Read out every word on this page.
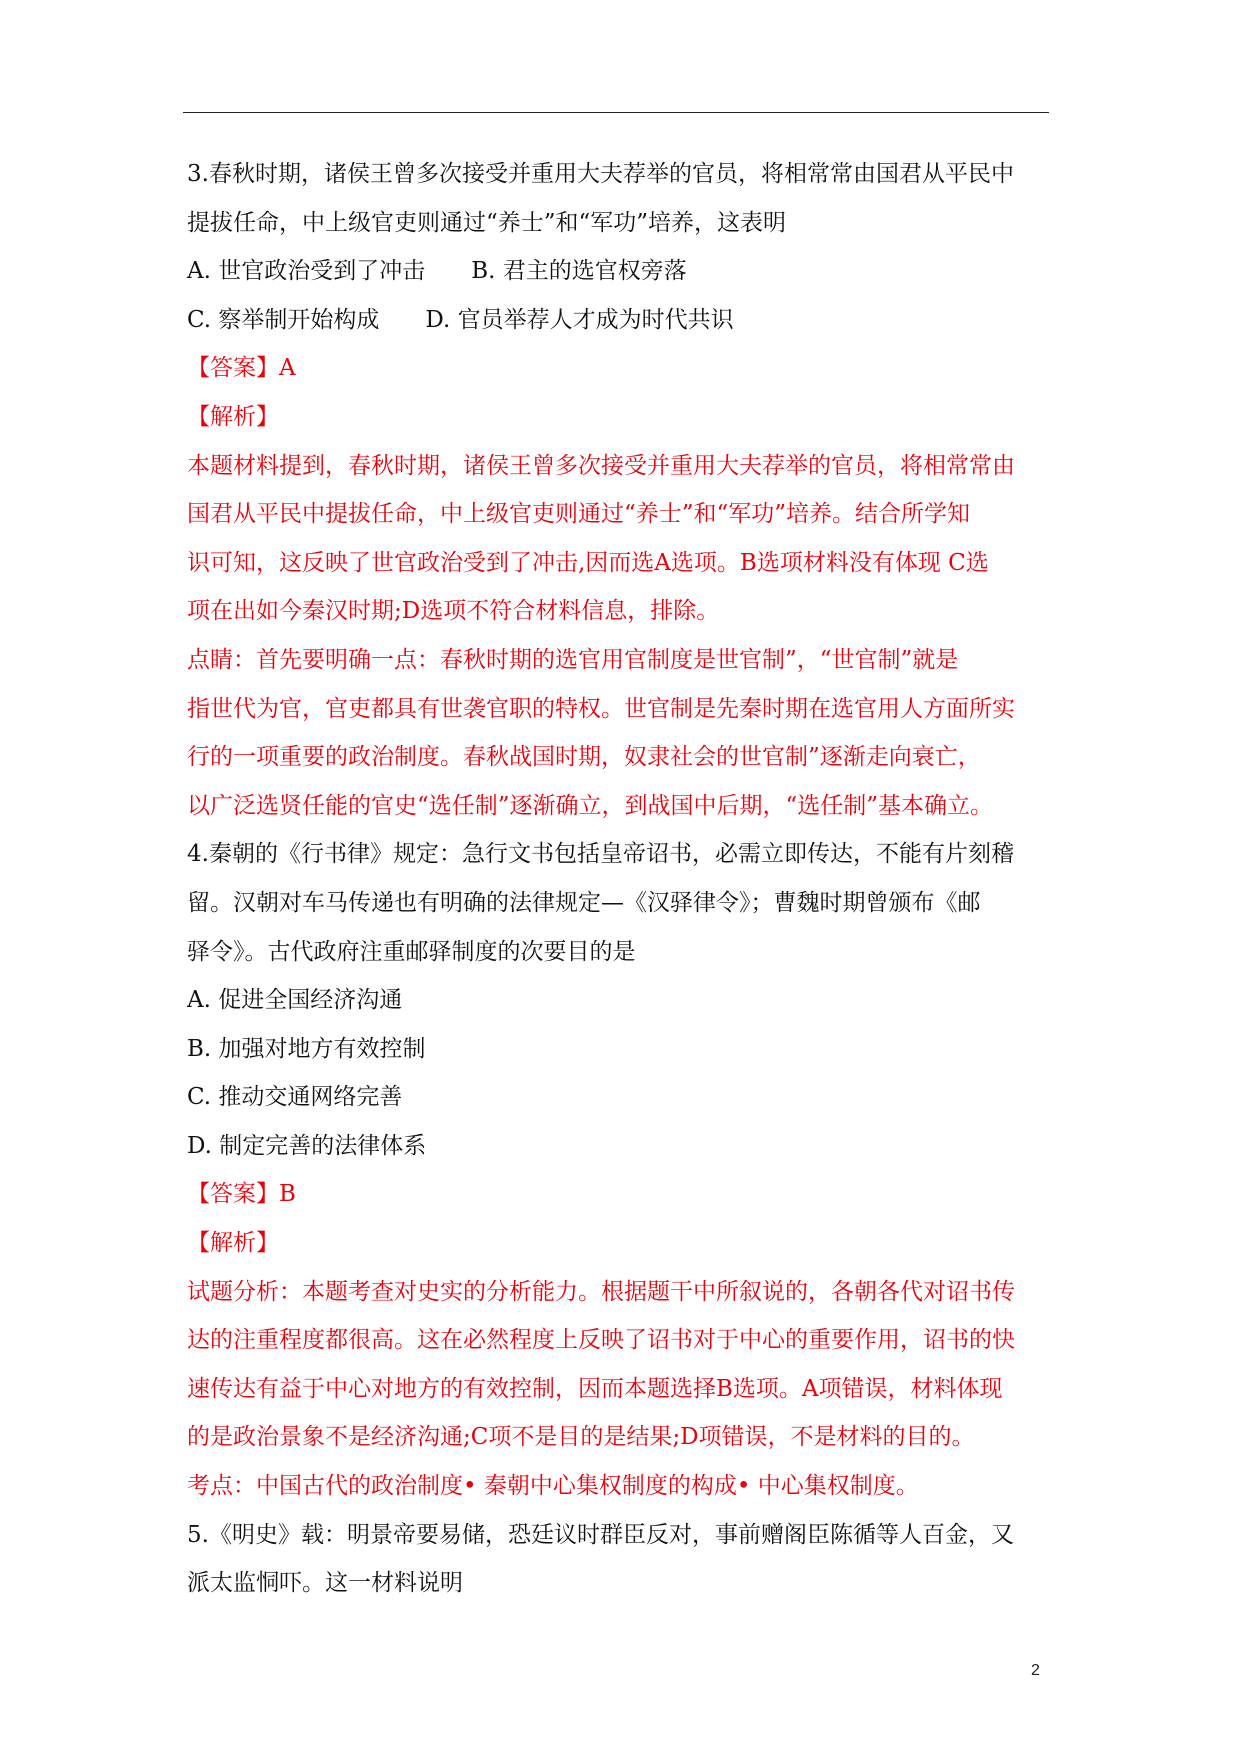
3.春秋时期，诸侯王曾多次接受并重用大夫荐举的官员，将相常常由国君从平民中
提拔任命，中上级官吏则通过“养士”和“军功”培养，这表明
A. 世官政治受到了冲击　　B. 君主的选官权旁落
C. 察举制开始构成　　D. 官员举荐人才成为时代共识
【答案】A
【解析】
本题材料提到，春秋时期，诸侯王曾多次接受并重用大夫荐举的官员，将相常常由
国君从平民中提拔任命，中上级官吏则通过“养士”和“军功”培养。结合所学知
识可知，这反映了世官政治受到了冲击,因而选A选项。B选项材料没有体现 C选
项在出如今秦汉时期;D选项不符合材料信息，排除。
点睛：首先要明确一点：春秋时期的选官用官制度是世官制”，“世官制”就是
指世代为官，官吏都具有世袭官职的特权。世官制是先秦时期在选官用人方面所实
行的一项重要的政治制度。春秋战国时期，奴隶社会的世官制”逐渐走向衰亡，
以广泛选贤任能的官史“选任制”逐渐确立，到战国中后期，“选任制”基本确立。
4.秦朝的《行书律》规定：急行文书包括皇帝诏书，必需立即传达，不能有片刻稽
留。汉朝对车马传递也有明确的法律规定—《汉驿律令》；曹魏时期曾颁布《邮
驿令》。古代政府注重邮驿制度的次要目的是
A. 促进全国经济沟通
B. 加强对地方有效控制
C. 推动交通网络完善
D. 制定完善的法律体系
【答案】B
【解析】
试题分析：本题考查对史实的分析能力。根据题干中所叙说的，各朝各代对诏书传
达的注重程度都很高。这在必然程度上反映了诏书对于中心的重要作用，诏书的快
速传达有益于中心对地方的有效控制，因而本题选择B选项。A项错误，材料体现
的是政治景象不是经济沟通;C项不是目的是结果;D项错误，不是材料的目的。
考点：中国古代的政治制度• 秦朝中心集权制度的构成• 中心集权制度。
5.《明史》载：明景帝要易储，恐廷议时群臣反对，事前赠阁臣陈循等人百金，又
派太监恫吓。这一材料说明
2
